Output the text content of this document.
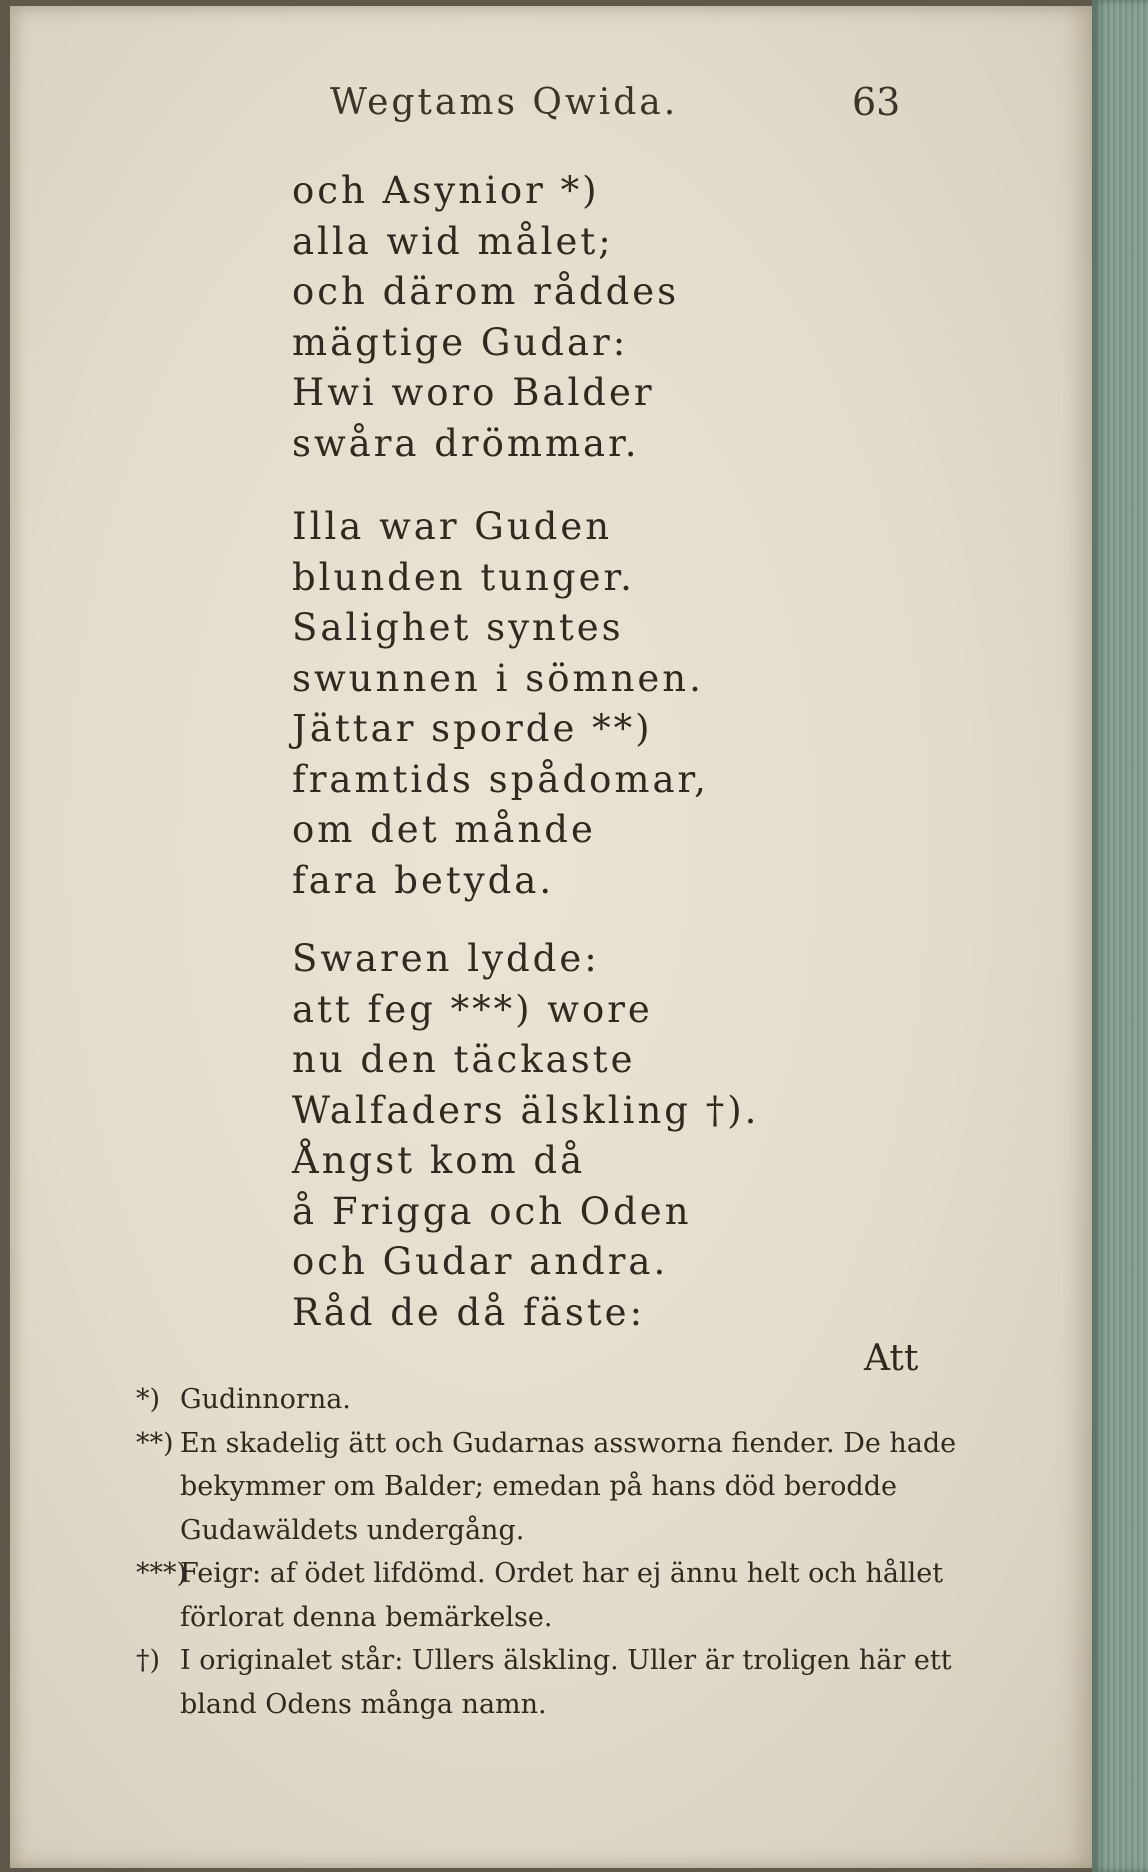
Wegtams Qwida.	63
och Asynior *)
alla wid målet;
och därom råddes
mägtige Gudar:
Hwi woro Balder
swåra drömmar.
Illa war Guden
blunden tunger.
Salighet syntes
swunnen i sömnen.
Jättar sporde **)
framtids spådomar,
om det månde
fara betyda.
Swaren lydde:
att feg ***) wore
nu den täckaste
Walfaders älskling †).
Ångst kom då
å Frigga och Oden
och Gudar andra.
Råd de då fäste:
Att

*) Gudinnorna.

**) En skadelig ätt och Gudarnas assworna fiender. De hade bekymmer om Balder; emedan på hans död berodde Gudawäldets undergång.

***)Feigr: af ödet lifdömd. Ordet har ej ännu helt och hållet förlorat denna bemärkelse.

†) I originalet står: Ullers älskling. Uller är troligen här ett bland Odens många namn.
